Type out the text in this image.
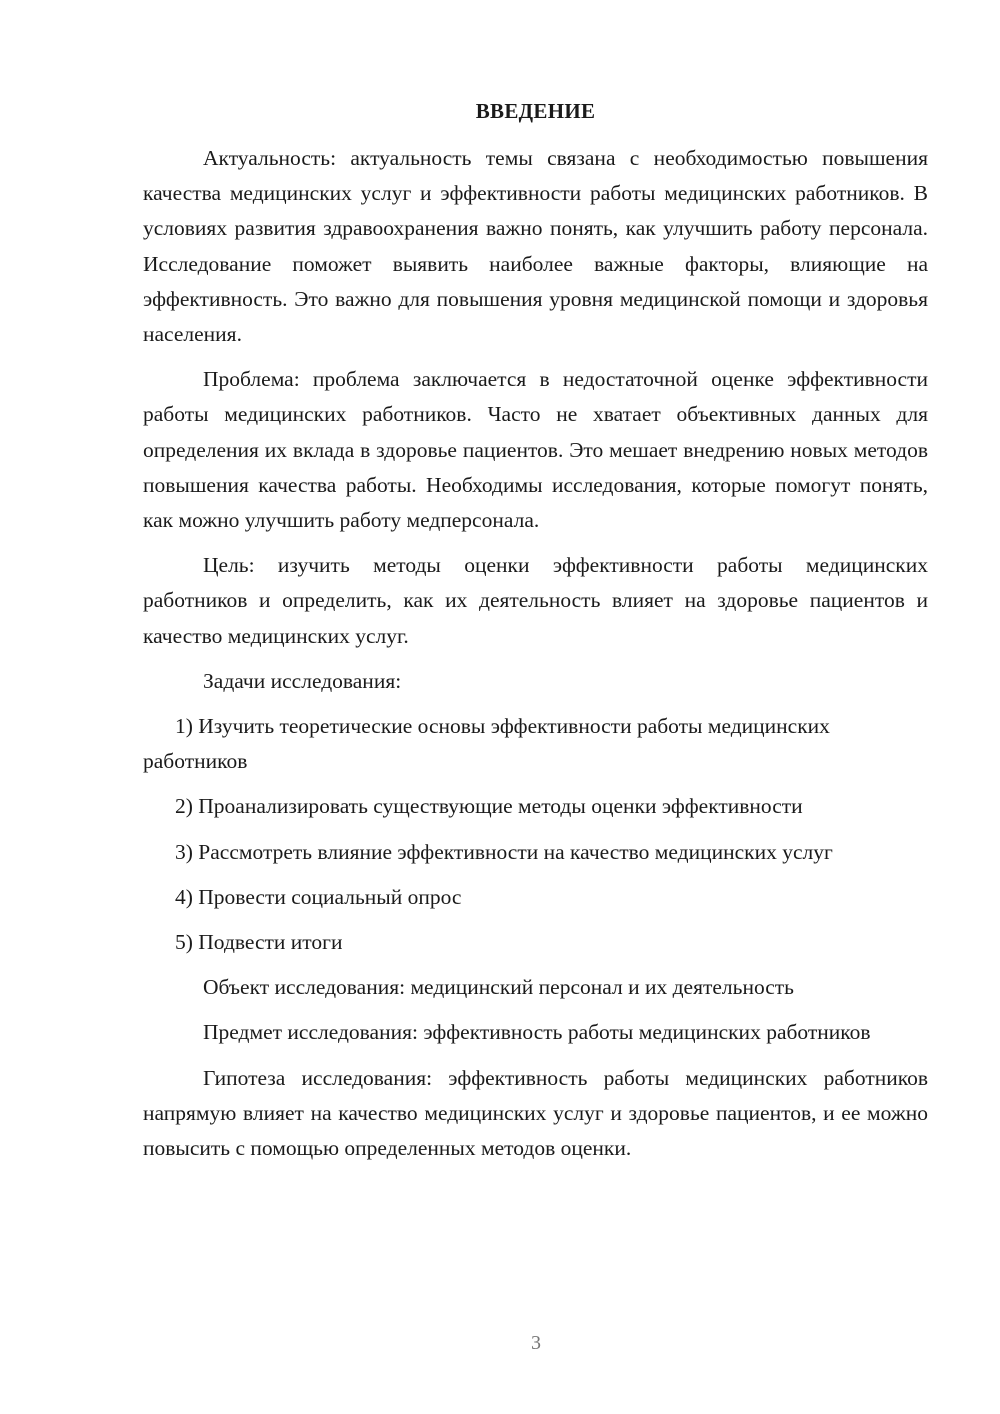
ВВЕДЕНИЕ

Актуальность: актуальность темы связана с необходимостью повышения качества медицинских услуг и эффективности работы медицинских работников. В условиях развития здравоохранения важно понять, как улучшить работу персонала. Исследование поможет выявить наиболее важные факторы, влияющие на эффективность. Это важно для повышения уровня медицинской помощи и здоровья населения.

Проблема: проблема заключается в недостаточной оценке эффективности работы медицинских работников. Часто не хватает объективных данных для определения их вклада в здоровье пациентов. Это мешает внедрению новых методов повышения качества работы. Необходимы исследования, которые помогут понять, как можно улучшить работу медперсонала.

Цель: изучить методы оценки эффективности работы медицинских работников и определить, как их деятельность влияет на здоровье пациентов и качество медицинских услуг.

Задачи исследования:

1) Изучить теоретические основы эффективности работы медицинских работников

2) Проанализировать существующие методы оценки эффективности

3) Рассмотреть влияние эффективности на качество медицинских услуг

4) Провести социальный опрос

5) Подвести итоги

Объект исследования: медицинский персонал и их деятельность

Предмет исследования: эффективность работы медицинских работников

Гипотеза исследования: эффективность работы медицинских работников напрямую влияет на качество медицинских услуг и здоровье пациентов, и ее можно повысить с помощью определенных методов оценки.

3
